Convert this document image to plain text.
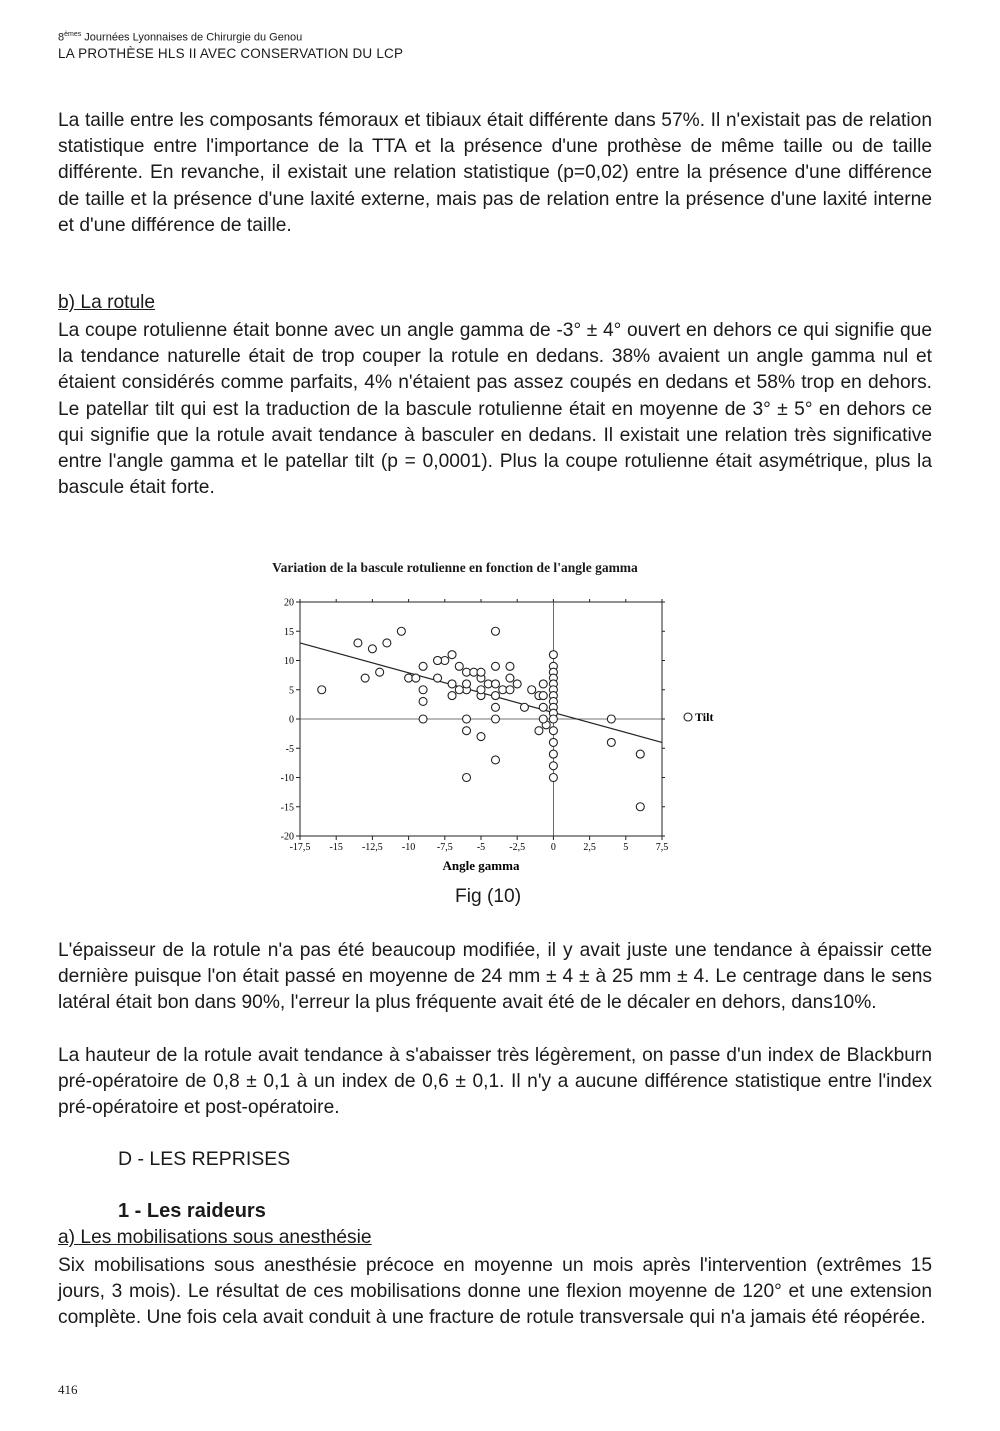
8èmes Journées Lyonnaises de Chirurgie du Genou
LA PROTHÈSE HLS II AVEC CONSERVATION DU LCP

La taille entre les composants fémoraux et tibiaux était différente dans 57%. Il n'existait pas de relation statistique entre l'importance de la TTA et la présence d'une prothèse de même taille ou de taille différente. En revanche, il existait une relation statistique (p=0,02) entre la présence d'une différence de taille et la présence d'une laxité externe, mais pas de relation entre la présence d'une laxité interne et d'une différence de taille.

b) La rotule

La coupe rotulienne était bonne avec un angle gamma de -3° ± 4° ouvert en dehors ce qui signifie que la tendance naturelle était de trop couper la rotule en dedans. 38% avaient un angle gamma nul et étaient considérés comme parfaits, 4% n'étaient pas assez coupés en dedans et 58% trop en dehors. Le patellar tilt qui est la traduction de la bascule rotulienne était en moyenne de 3° ± 5° en dehors ce qui signifie que la rotule avait tendance à basculer en dedans. Il existait une relation très significative entre l'angle gamma et le patellar tilt (p = 0,0001). Plus la coupe rotulienne était asymétrique, plus la bascule était forte.

Variation de la bascule rotulienne en fonction de l'angle gamma
-17,5 -15 -12,5 -10 -7,5 -5 -2,5	0	2,5	5	7,5
20
15
10
5
0
-5
-10
-15
-20
Tilt
Angle gamma
Fig (10)

L'épaisseur de la rotule n'a pas été beaucoup modifiée, il y avait juste une tendance à épaissir cette dernière puisque l'on était passé en moyenne de 24 mm ± 4 ± à 25 mm ± 4. Le centrage dans le sens latéral était bon dans 90%, l'erreur la plus fréquente avait été de le décaler en dehors, dans10%.

La hauteur de la rotule avait tendance à s'abaisser très légèrement, on passe d'un index de Blackburn pré-opératoire de 0,8 ± 0,1 à un index de 0,6 ± 0,1. Il n'y a aucune différence statistique entre l'index pré-opératoire et post-opératoire.

D - LES REPRISES
1 - Les raideurs
a) Les mobilisations sous anesthésie

Six mobilisations sous anesthésie précoce en moyenne un mois après l'intervention (extrêmes 15 jours, 3 mois). Le résultat de ces mobilisations donne une flexion moyenne de 120° et une extension complète. Une fois cela avait conduit à une fracture de rotule transversale qui n'a jamais été réopérée.

416
